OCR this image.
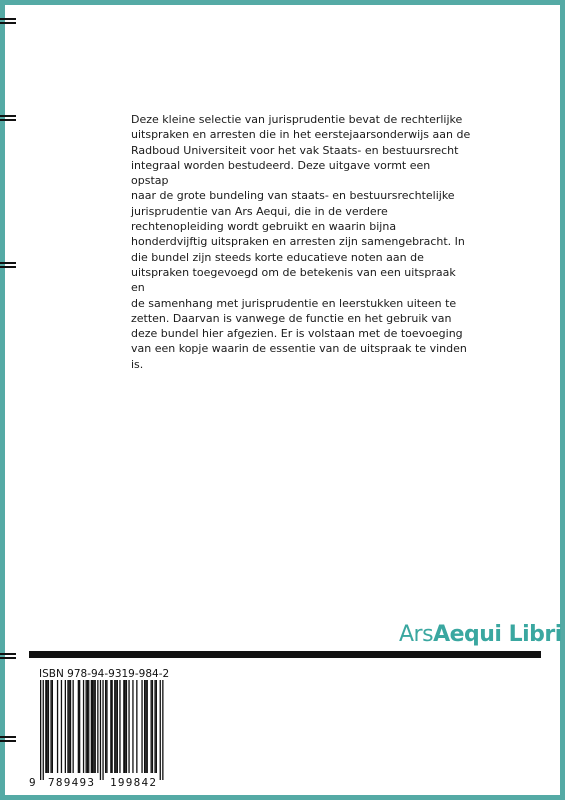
Deze kleine selectie van jurisprudentie bevat de rechterlijke
uitspraken en arresten die in het eerstejaarsonderwijs aan de
Radboud Universiteit voor het vak Staats- en bestuursrecht
integraal worden bestudeerd. Deze uitgave vormt een opstap
naar de grote bundeling van staats- en bestuursrechtelijke
jurisprudentie van Ars Aequi, die in de verdere
rechtenopleiding wordt gebruikt en waarin bijna
honderdvijftig uitspraken en arresten zijn samengebracht. In
die bundel zijn steeds korte educatieve noten aan de
uitspraken toegevoegd om de betekenis van een uitspraak en
de samenhang met jurisprudentie en leerstukken uiteen te
zetten. Daarvan is vanwege de functie en het gebruik van
deze bundel hier afgezien. Er is volstaan met de toevoeging
van een kopje waarin de essentie van de uitspraak te vinden
is.

ArsAequi Libri
ISBN 978-94-9319-984-2
9 789493 199842
